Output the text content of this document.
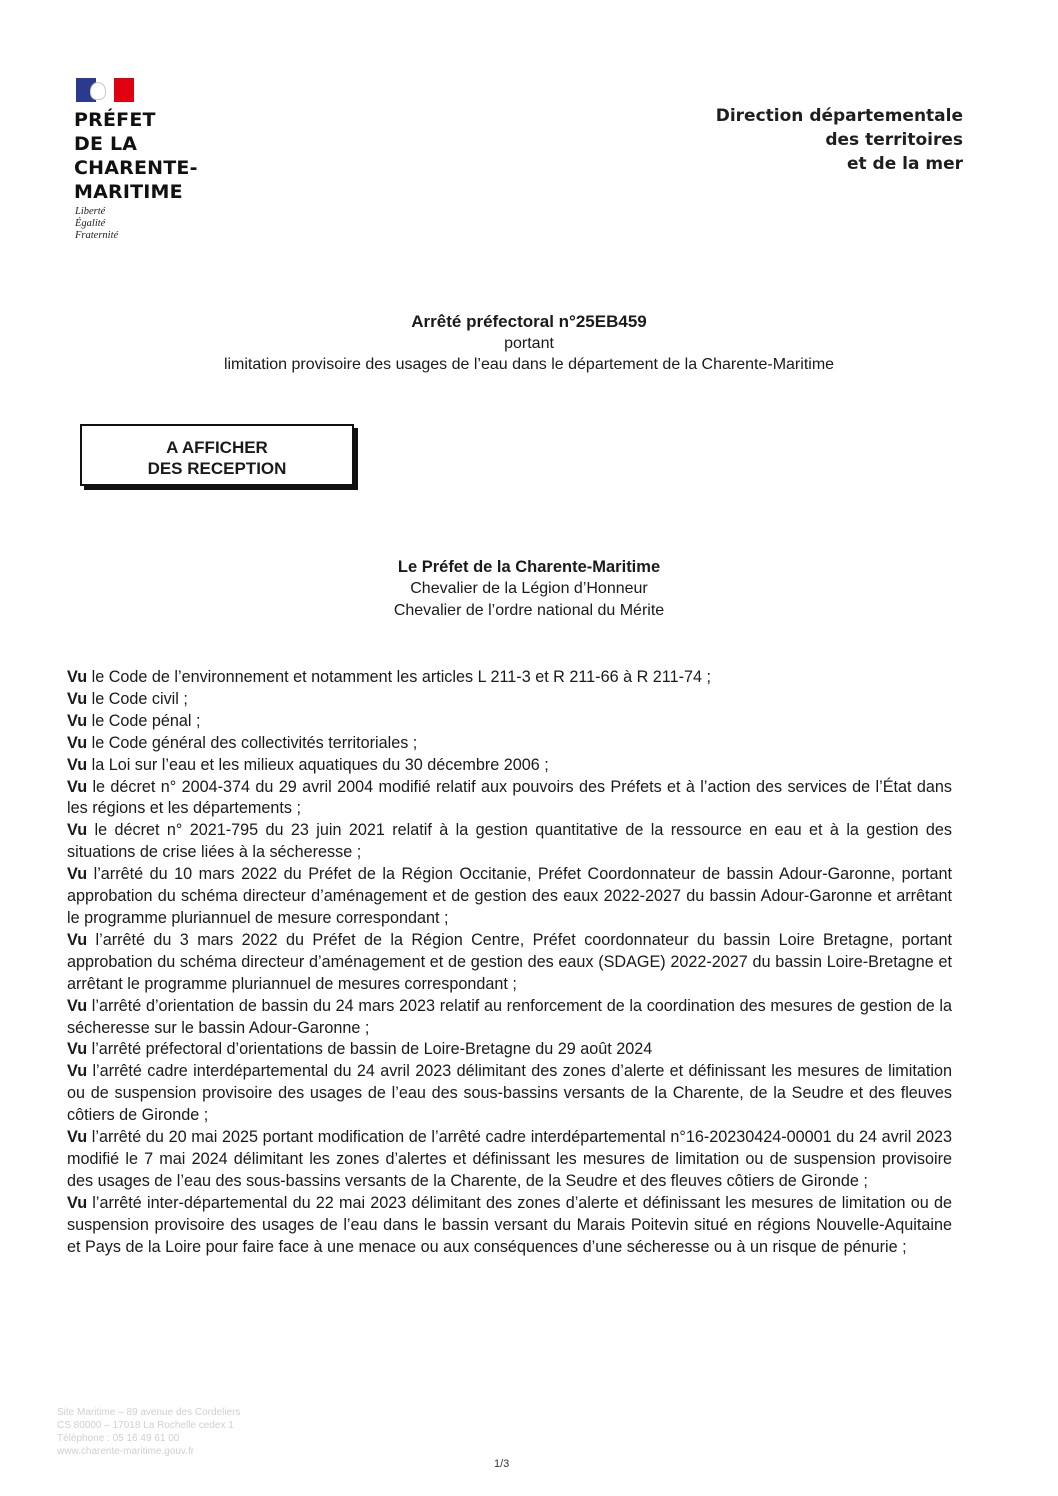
PRÉFET
DE LA
CHARENTE-
MARITIME
Liberté
Égalité
Fraternité
Direction départementale
des territoires
et de la mer
Arrêté préfectoral n°25EB459
portant
limitation provisoire des usages de l’eau dans le département de la Charente-Maritime
A AFFICHER
DES RECEPTION
Le Préfet de la Charente-Maritime
Chevalier de la Légion d’Honneur
Chevalier de l’ordre national du Mérite

Vu le Code de l’environnement et notamment les articles L 211-3 et R 211-66 à R 211-74 ;

Vu le Code civil ;

Vu le Code pénal ;

Vu le Code général des collectivités territoriales ;

Vu la Loi sur l’eau et les milieux aquatiques du 30 décembre 2006 ;

Vu le décret n° 2004-374 du 29 avril 2004 modifié relatif aux pouvoirs des Préfets et à l’action des services de l’État dans les régions et les départements ;

Vu le décret n° 2021-795 du 23 juin 2021 relatif à la gestion quantitative de la ressource en eau et à la gestion des situations de crise liées à la sécheresse ;

Vu l’arrêté du 10 mars 2022 du Préfet de la Région Occitanie, Préfet Coordonnateur de bassin Adour-Garonne, portant approbation du schéma directeur d’aménagement et de gestion des eaux 2022-2027 du bassin Adour-Garonne et arrêtant le programme pluriannuel de mesure correspondant ;

Vu l’arrêté du 3 mars 2022 du Préfet de la Région Centre, Préfet coordonnateur du bassin Loire Bretagne, portant approbation du schéma directeur d’aménagement et de gestion des eaux (SDAGE) 2022-2027 du bassin Loire-Bretagne et arrêtant le programme pluriannuel de mesures correspondant ;

Vu l’arrêté d’orientation de bassin du 24 mars 2023 relatif au renforcement de la coordination des mesures de gestion de la sécheresse sur le bassin Adour-Garonne ;

Vu l’arrêté préfectoral d’orientations de bassin de Loire-Bretagne du 29 août 2024

Vu l’arrêté cadre interdépartemental du 24 avril 2023 délimitant des zones d’alerte et définissant les mesures de limitation ou de suspension provisoire des usages de l’eau des sous-bassins versants de la Charente, de la Seudre et des fleuves côtiers de Gironde ;

Vu l’arrêté du 20 mai 2025 portant modification de l’arrêté cadre interdépartemental n°16-20230424-00001 du 24 avril 2023 modifié le 7 mai 2024 délimitant les zones d’alertes et définissant les mesures de limitation ou de suspension provisoire des usages de l’eau des sous-bassins versants de la Charente, de la Seudre et des fleuves côtiers de Gironde ;

Vu l’arrêté inter-départemental du 22 mai 2023 délimitant des zones d’alerte et définissant les mesures de limitation ou de suspension provisoire des usages de l’eau dans le bassin versant du Marais Poitevin situé en régions Nouvelle-Aquitaine et Pays de la Loire pour faire face à une menace ou aux conséquences d’une sécheresse ou à un risque de pénurie ;

Site Maritime – 89 avenue des Cordeliers
CS 80000 – 17018 La Rochelle cedex 1
Téléphone : 05 16 49 61 00
www.charente-maritime.gouv.fr
1/3
